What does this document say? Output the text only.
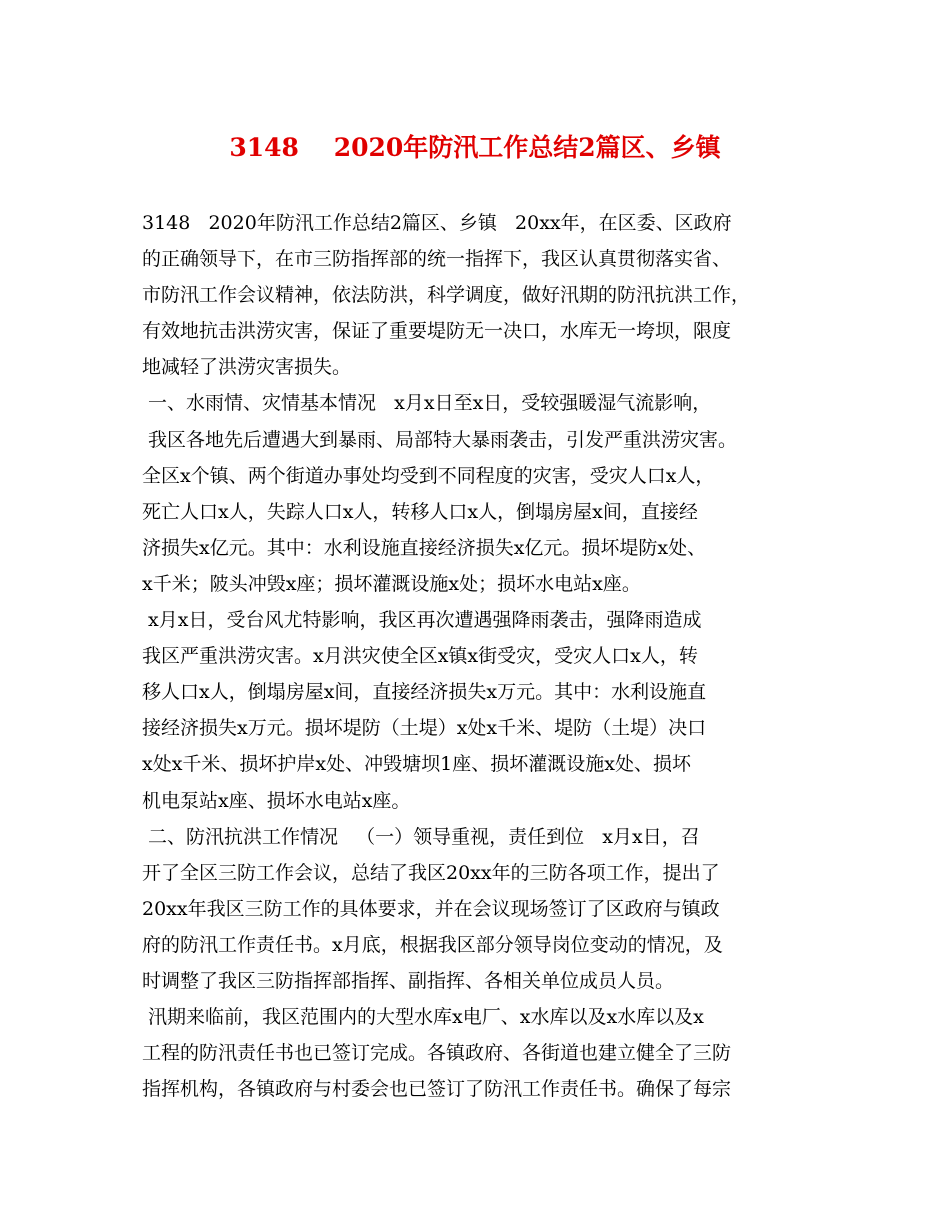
3148    2020年防汛工作总结2篇区、乡镇
3148   2020年防汛工作总结2篇区、乡镇   20xx年，在区委、区政府
的正确领导下，在市三防指挥部的统一指挥下，我区认真贯彻落实省、
市防汛工作会议精神，依法防洪，科学调度，做好汛期的防汛抗洪工作，
有效地抗击洪涝灾害，保证了重要堤防无一决口，水库无一垮坝，限度
地减轻了洪涝灾害损失。
一、水雨情、灾情基本情况   x月x日至x日，受较强暖湿气流影响，
我区各地先后遭遇大到暴雨、局部特大暴雨袭击，引发严重洪涝灾害。
全区x个镇、两个街道办事处均受到不同程度的灾害，受灾人口x人，
死亡人口x人，失踪人口x人，转移人口x人，倒塌房屋x间，直接经
济损失x亿元。其中：水利设施直接经济损失x亿元。损坏堤防x处、
x千米；陂头冲毁x座；损坏灌溉设施x处；损坏水电站x座。
x月x日，受台风尤特影响，我区再次遭遇强降雨袭击，强降雨造成
我区严重洪涝灾害。x月洪灾使全区x镇x街受灾，受灾人口x人，转
移人口x人，倒塌房屋x间，直接经济损失x万元。其中：水利设施直
接经济损失x万元。损坏堤防（土堤）x处x千米、堤防（土堤）决口
x处x千米、损坏护岸x处、冲毁塘坝1座、损坏灌溉设施x处、损坏
机电泵站x座、损坏水电站x座。
二、防汛抗洪工作情况   （一）领导重视，责任到位   x月x日，召
开了全区三防工作会议，总结了我区20xx年的三防各项工作，提出了
20xx年我区三防工作的具体要求，并在会议现场签订了区政府与镇政
府的防汛工作责任书。x月底，根据我区部分领导岗位变动的情况，及
时调整了我区三防指挥部指挥、副指挥、各相关单位成员人员。
汛期来临前，我区范围内的大型水库x电厂、x水库以及x水库以及x
工程的防汛责任书也已签订完成。各镇政府、各街道也建立健全了三防
指挥机构，各镇政府与村委会也已签订了防汛工作责任书。确保了每宗
